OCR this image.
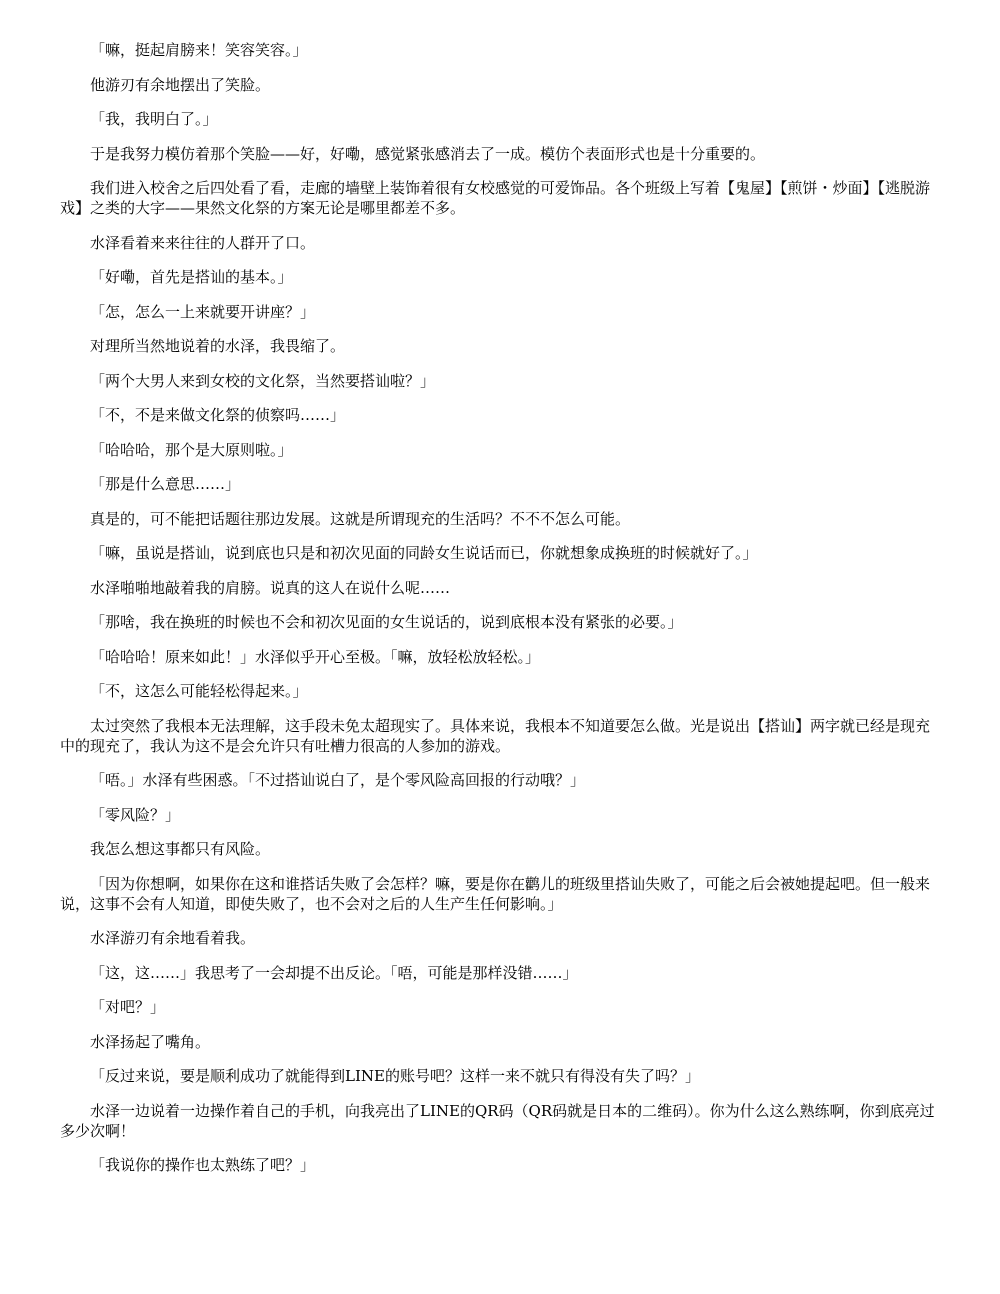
「嘛，挺起肩膀来！笑容笑容。」

他游刃有余地摆出了笑脸。

「我，我明白了。」

于是我努力模仿着那个笑脸——好，好嘞，感觉紧张感消去了一成。模仿个表面形式也是十分重要的。

我们进入校舍之后四处看了看，走廊的墙壁上装饰着很有女校感觉的可爱饰品。各个班级上写着【鬼屋】【煎饼・炒面】【逃脱游戏】之类的大字——果然文化祭的方案无论是哪里都差不多。

水泽看着来来往往的人群开了口。

「好嘞，首先是搭讪的基本。」

「怎，怎么一上来就要开讲座？」

对理所当然地说着的水泽，我畏缩了。

「两个大男人来到女校的文化祭，当然要搭讪啦？」

「不，不是来做文化祭的侦察吗……」

「哈哈哈，那个是大原则啦。」

「那是什么意思……」

真是的，可不能把话题往那边发展。这就是所谓现充的生活吗？不不不怎么可能。

「嘛，虽说是搭讪，说到底也只是和初次见面的同龄女生说话而已，你就想象成换班的时候就好了。」

水泽啪啪地敲着我的肩膀。说真的这人在说什么呢……

「那啥，我在换班的时候也不会和初次见面的女生说话的，说到底根本没有紧张的必要。」

「哈哈哈！原来如此！」水泽似乎开心至极。「嘛，放轻松放轻松。」

「不，这怎么可能轻松得起来。」

太过突然了我根本无法理解，这手段未免太超现实了。具体来说，我根本不知道要怎么做。光是说出【搭讪】两字就已经是现充中的现充了，我认为这不是会允许只有吐槽力很高的人参加的游戏。

「唔。」水泽有些困惑。「不过搭讪说白了，是个零风险高回报的行动哦？」

「零风险？」

我怎么想这事都只有风险。

「因为你想啊，如果你在这和谁搭话失败了会怎样？嘛，要是你在鹳儿的班级里搭讪失败了，可能之后会被她提起吧。但一般来说，这事不会有人知道，即使失败了，也不会对之后的人生产生任何影响。」

水泽游刃有余地看着我。

「这，这……」我思考了一会却提不出反论。「唔，可能是那样没错……」

「对吧？」

水泽扬起了嘴角。

「反过来说，要是顺利成功了就能得到LINE的账号吧？这样一来不就只有得没有失了吗？」

水泽一边说着一边操作着自己的手机，向我亮出了LINE的QR码（QR码就是日本的二维码）。你为什么这么熟练啊，你到底亮过多少次啊！

「我说你的操作也太熟练了吧？」
